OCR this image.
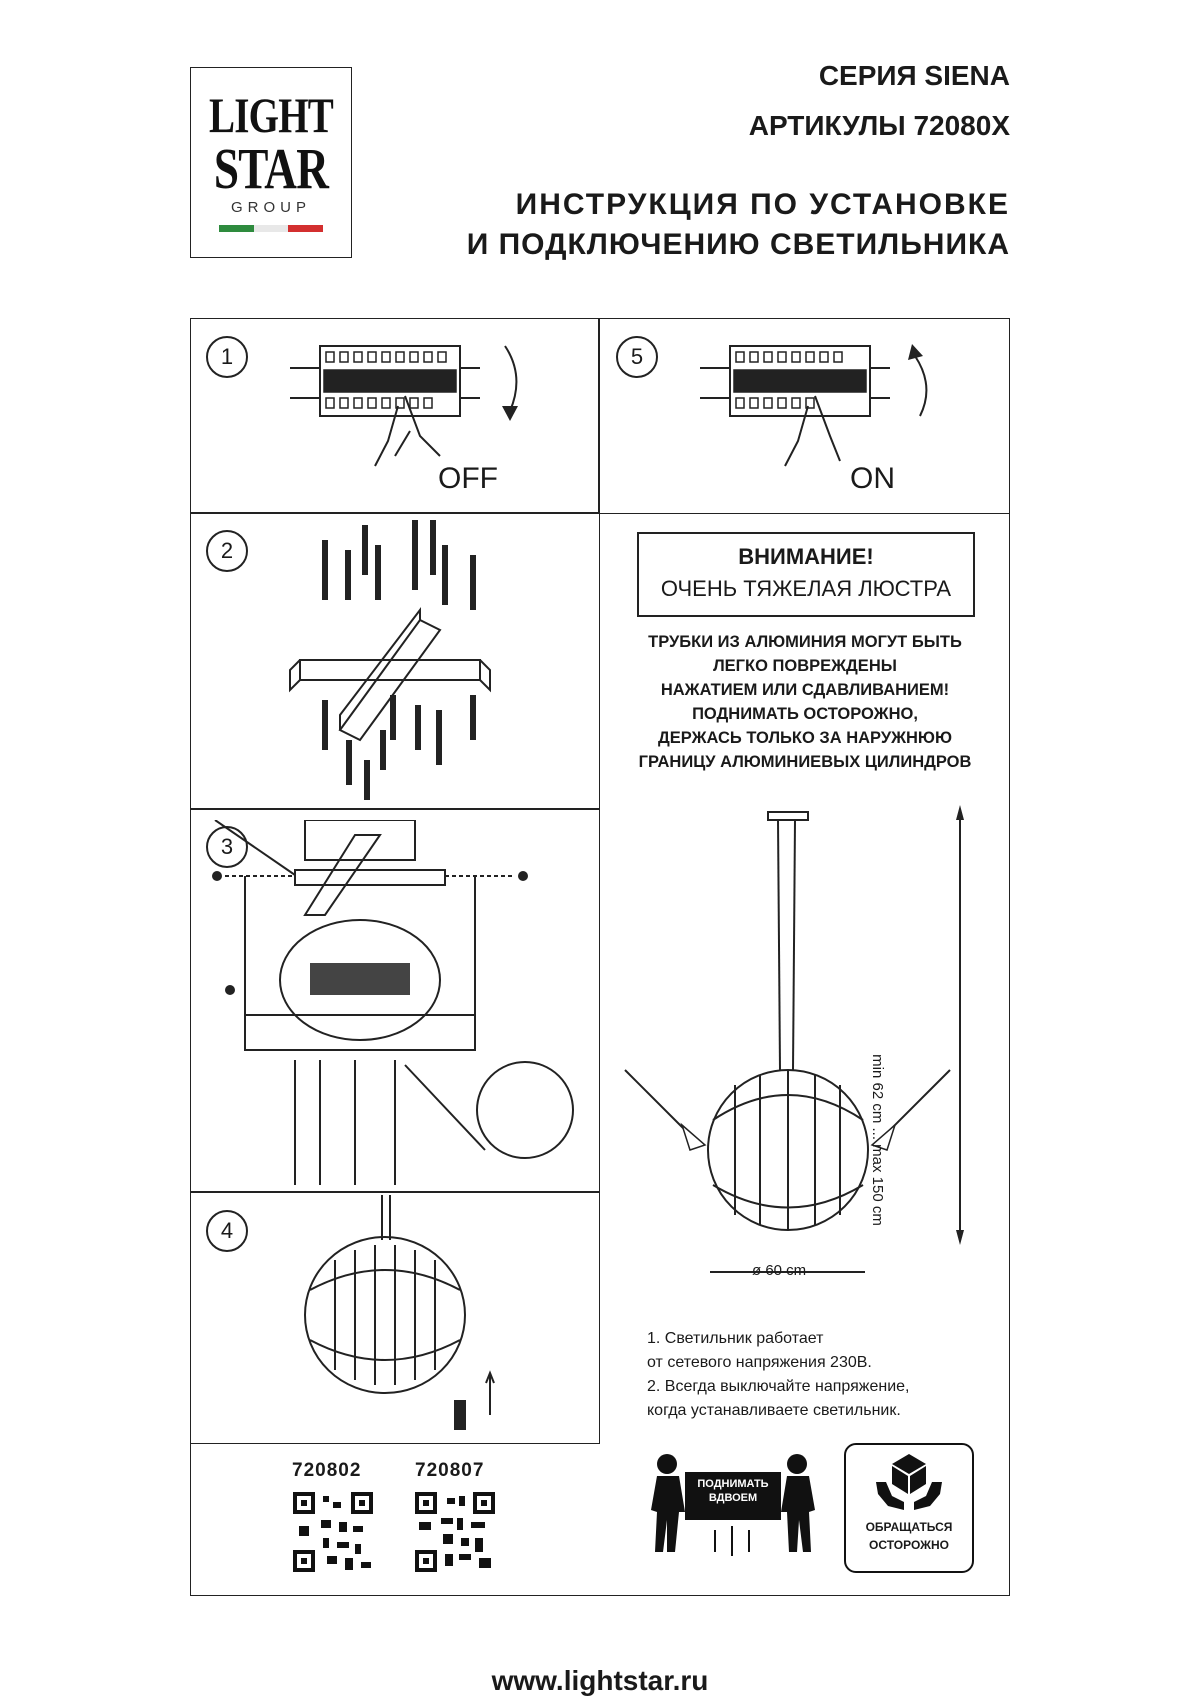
LIGHT
STAR
GROUP
СЕРИЯ SIENA
АРТИКУЛЫ 72080X
ИНСТРУКЦИЯ ПО УСТАНОВКЕ
И ПОДКЛЮЧЕНИЮ СВЕТИЛЬНИКА
1
OFF
5
ON
2
3
4
ВНИМАНИЕ!
ОЧЕНЬ ТЯЖЕЛАЯ ЛЮСТРА
ТРУБКИ ИЗ АЛЮМИНИЯ МОГУТ БЫТЬ
ЛЕГКО ПОВРЕЖДЕНЫ
НАЖАТИЕМ ИЛИ СДАВЛИВАНИЕМ!
ПОДНИМАТЬ ОСТОРОЖНО,
ДЕРЖАСЬ ТОЛЬКО ЗА НАРУЖНЮЮ
ГРАНИЦУ АЛЮМИНИЕВЫХ ЦИЛИНДРОВ
min 62 cm ... max 150 cm
ø 60 cm
1. Светильник работает
от сетевого напряжения 230В.
2. Всегда выключайте напряжение,
когда устанавливаете светильник.
720802	720807
ПОДНИМАТЬ
ВДВОЕМ
ОБРАЩАТЬСЯ
ОСТОРОЖНО
www.lightstar.ru
